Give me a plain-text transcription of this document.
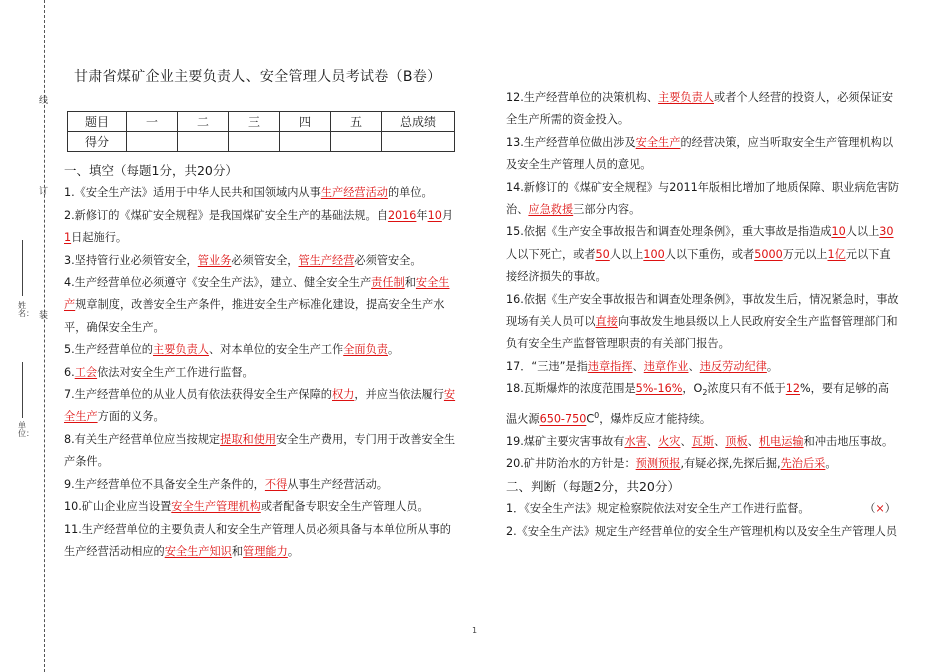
线
订
装
姓名：
单位：
甘肃省煤矿企业主要负责人、安全管理人员考试卷（B卷）
题目	一	二	三	四	五	总成绩
得分						

一、填空（每题1分，共20分）

1.《安全生产法》适用于中华人民共和国领域内从事生产经营活动的单位。

2.新修订的《煤矿安全规程》是我国煤矿安全生产的基础法规。自2016年10月1日起施行。

3.坚持管行业必须管安全，管业务必须管安全，管生产经营必须管安全。

4.生产经营单位必须遵守《安全生产法》，建立、健全安全生产责任制和安全生产规章制度，改善安全生产条件，推进安全生产标准化建设，提高安全生产水平，确保安全生产。

5.生产经营单位的主要负责人、对本单位的安全生产工作全面负责。

6.工会依法对安全生产工作进行监督。

7.生产经营单位的从业人员有依法获得安全生产保障的权力，并应当依法履行安全生产方面的义务。

8.有关生产经营单位应当按规定提取和使用安全生产费用，专门用于改善安全生产条件。

9.生产经营单位不具备安全生产条件的，不得从事生产经营活动。

10.矿山企业应当设置安全生产管理机构或者配备专职安全生产管理人员。

11.生产经营单位的主要负责人和安全生产管理人员必须具备与本单位所从事的生产经营活动相应的安全生产知识和管理能力。

12.生产经营单位的决策机构、主要负责人或者个人经营的投资人，必须保证安全生产所需的资金投入。

13.生产经营单位做出涉及安全生产的经营决策，应当听取安全生产管理机构以及安全生产管理人员的意见。

14.新修订的《煤矿安全规程》与2011年版相比增加了地质保障、职业病危害防治、应急救援三部分内容。

15.依据《生产安全事故报告和调查处理条例》，重大事故是指造成10人以上30人以下死亡，或者50人以上100人以下重伤，或者5000万元以上1亿元以下直接经济损失的事故。

16.依据《生产安全事故报告和调查处理条例》，事故发生后，情况紧急时，事故现场有关人员可以直接向事故发生地县级以上人民政府安全生产监督管理部门和负有安全生产监督管理职责的有关部门报告。

17．“三违”是指违章指挥、违章作业、违反劳动纪律。

18.瓦斯爆炸的浓度范围是5%-16%，$O_2$浓度只有不低于12%，要有足够的高温火源$650-750C^0$，爆炸反应才能持续。

19.煤矿主要灾害事故有水害、火灾、瓦斯、顶板、机电运输和冲击地压事故。

20.矿井防治水的方针是：预测预报,有疑必探,先探后掘,先治后采。

二、判断（每题2分，共20分）

1．《安全生产法》规定检察院依法对安全生产工作进行监督。	（×）

2.《安全生产法》规定生产经营单位的安全生产管理机构以及安全生产管理人员

1
